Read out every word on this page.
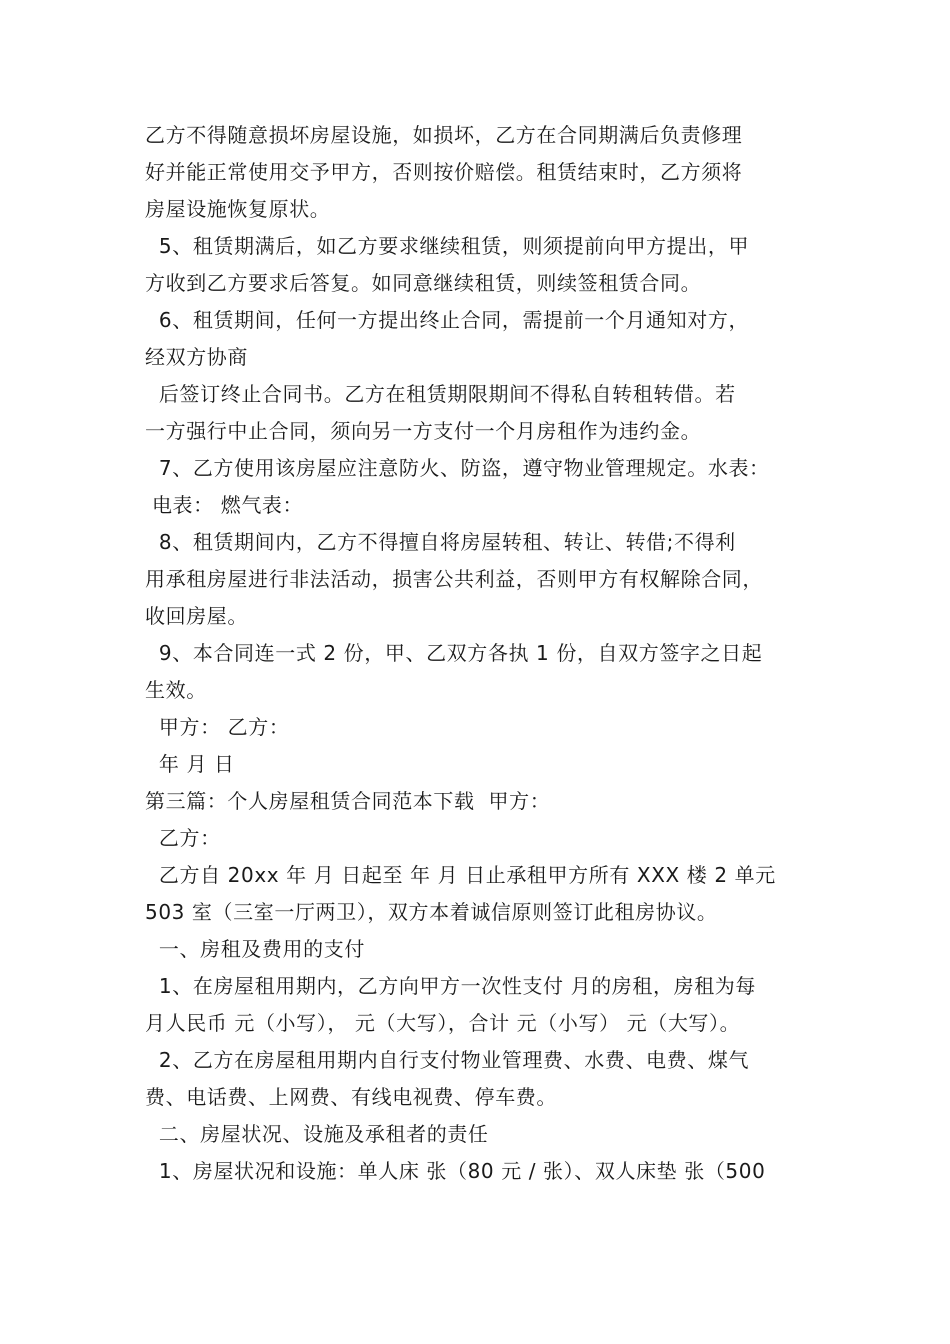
乙方不得随意损坏房屋设施，如损坏，乙方在合同期满后负责修理
好并能正常使用交予甲方，否则按价赔偿。租赁结束时，乙方须将
房屋设施恢复原状。
5、租赁期满后，如乙方要求继续租赁，则须提前向甲方提出，甲
方收到乙方要求后答复。如同意继续租赁，则续签租赁合同。
6、租赁期间，任何一方提出终止合同，需提前一个月通知对方，
经双方协商
后签订终止合同书。乙方在租赁期限期间不得私自转租转借。若
一方强行中止合同，须向另一方支付一个月房租作为违约金。
7、乙方使用该房屋应注意防火、防盗，遵守物业管理规定。水表：
电表： 燃气表：
8、租赁期间内，乙方不得擅自将房屋转租、转让、转借;不得利
用承租房屋进行非法活动，损害公共利益，否则甲方有权解除合同，
收回房屋。
9、本合同连一式 2 份，甲、乙双方各执 1 份，自双方签字之日起
生效。
甲方： 乙方：
年 月 日
第三篇：个人房屋租赁合同范本下载  甲方：
乙方：
乙方自 20xx 年 月 日起至 年 月 日止承租甲方所有 XXX 楼 2 单元
503 室（三室一厅两卫），双方本着诚信原则签订此租房协议。
一、房租及费用的支付
1、在房屋租用期内，乙方向甲方一次性支付 月的房租，房租为每
月人民币 元（小写）， 元（大写），合计 元（小写） 元（大写）。
2、乙方在房屋租用期内自行支付物业管理费、水费、电费、煤气
费、电话费、上网费、有线电视费、停车费。
二、房屋状况、设施及承租者的责任
1、房屋状况和设施：单人床 张（80 元 / 张）、双人床垫 张（500
